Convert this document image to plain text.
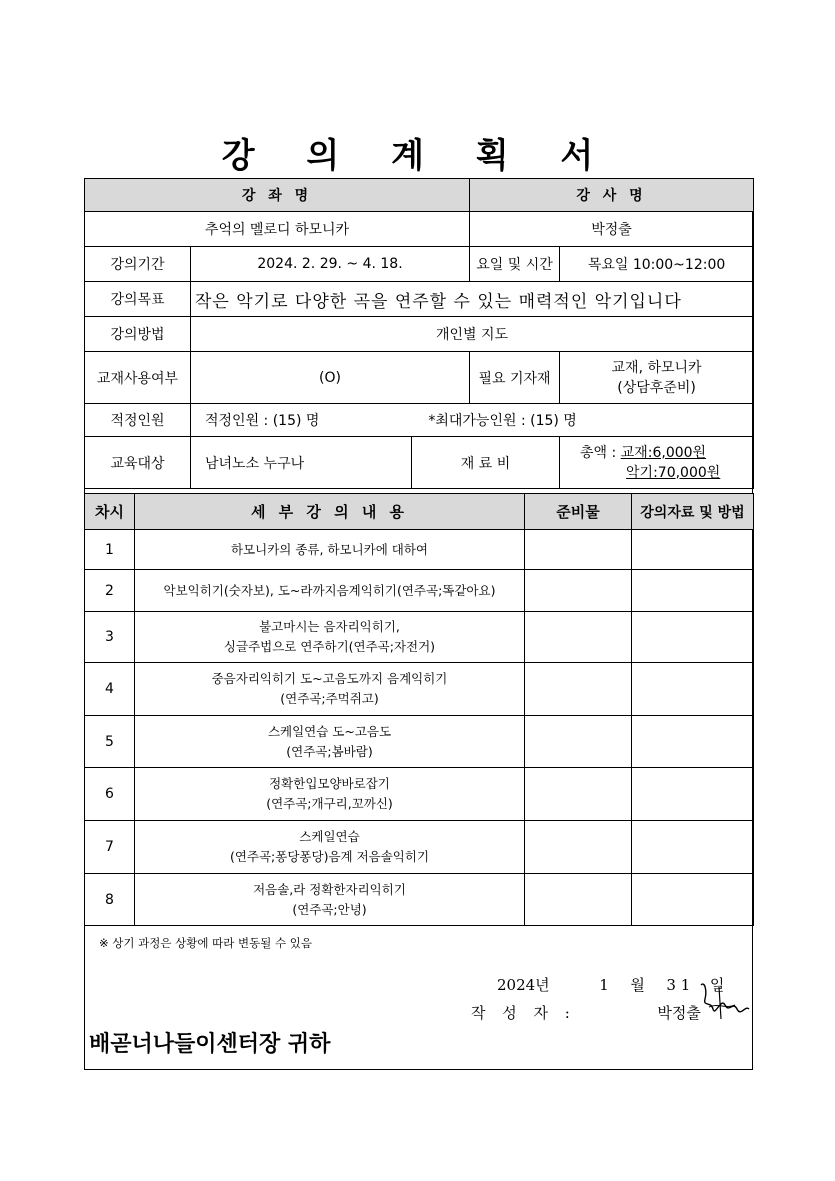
강 의 계 획 서
강 좌 명			강 사 명	
추억의 멜로디 하모니카			박정출	
강의기간	2024. 2. 29. ~ 4. 18.		요일 및 시간	목요일 10:00~12:00
강의목표	작은 악기로 다양한 곡을 연주할 수 있는 매력적인 악기입니다			
강의방법	개인별 지도			
교재사용여부	(O)		필요 기자재	교재, 하모니카
(상담후준비)

적정인원	적정인원 : (15) 명 *최대가능인원 : (15) 명			
교육대상	남녀노소 누구나	재 료 비		총액 : 교재:6,000원
악기:70,000원
차시	세 부 강 의 내 용	준비물	강의자료 및 방법
1	하모니카의 종류, 하모니카에 대하여		

2	악보익히기(숫자보), 도~라까지음계익히기(연주곡;똑같아요)		

3	불고마시는 음자리익히기,
싱글주법으로 연주하기(연주곡;자전거)		

4	중음자리익히기 도~고음도까지 음계익히기
(연주곡;주먹쥐고)		

5	스케일연습 도~고음도
(연주곡;봄바람)		

6	정확한입모양바로잡기
(연주곡;개구리,꼬까신)		

7	스케일연습
(연주곡;퐁당퐁당)음계 저음솔익히기		

8	저음솔,라 정확한자리익히기
(연주곡;안녕)		

※ 상기 과정은 상황에 따라 변동될 수 있음
2024년	1 월 3 1 일
작 성 자 :	박정출
배곧너나들이센터장 귀하
